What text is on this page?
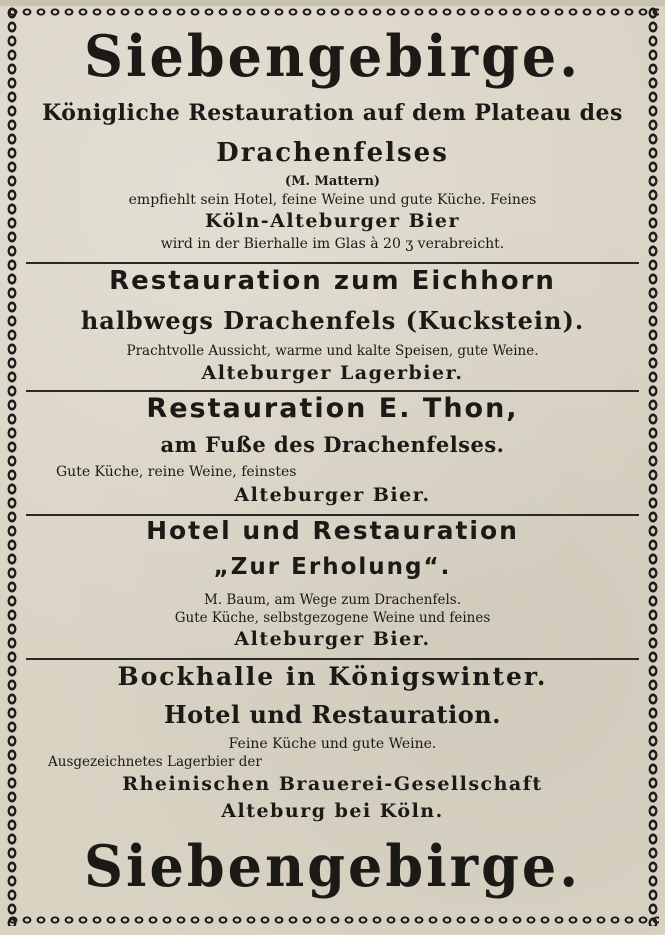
Siebengebirge.
Königliche Restauration auf dem Plateau des
Drachenfelses
(M. Mattern)
empfiehlt sein Hotel, feine Weine und gute Küche. Feines
Köln-Alteburger Bier
wird in der Bierhalle im Glas à 20 ʒ verabreicht.
Restauration zum Eichhorn
halbwegs Drachenfels (Kuckstein).
Prachtvolle Aussicht, warme und kalte Speisen, gute Weine.
Alteburger Lagerbier.
Restauration E. Thon,
am Fuße des Drachenfelses.
Gute Küche, reine Weine, feinstes
Alteburger Bier.
Hotel und Restauration
„Zur Erholung“.
M. Baum, am Wege zum Drachenfels.
Gute Küche, selbstgezogene Weine und feines
Alteburger Bier.
Bockhalle in Königswinter.
Hotel und Restauration.
Feine Küche und gute Weine.
Ausgezeichnetes Lagerbier der
Rheinischen Brauerei-Gesellschaft
Alteburg bei Köln.
Siebengebirge.
